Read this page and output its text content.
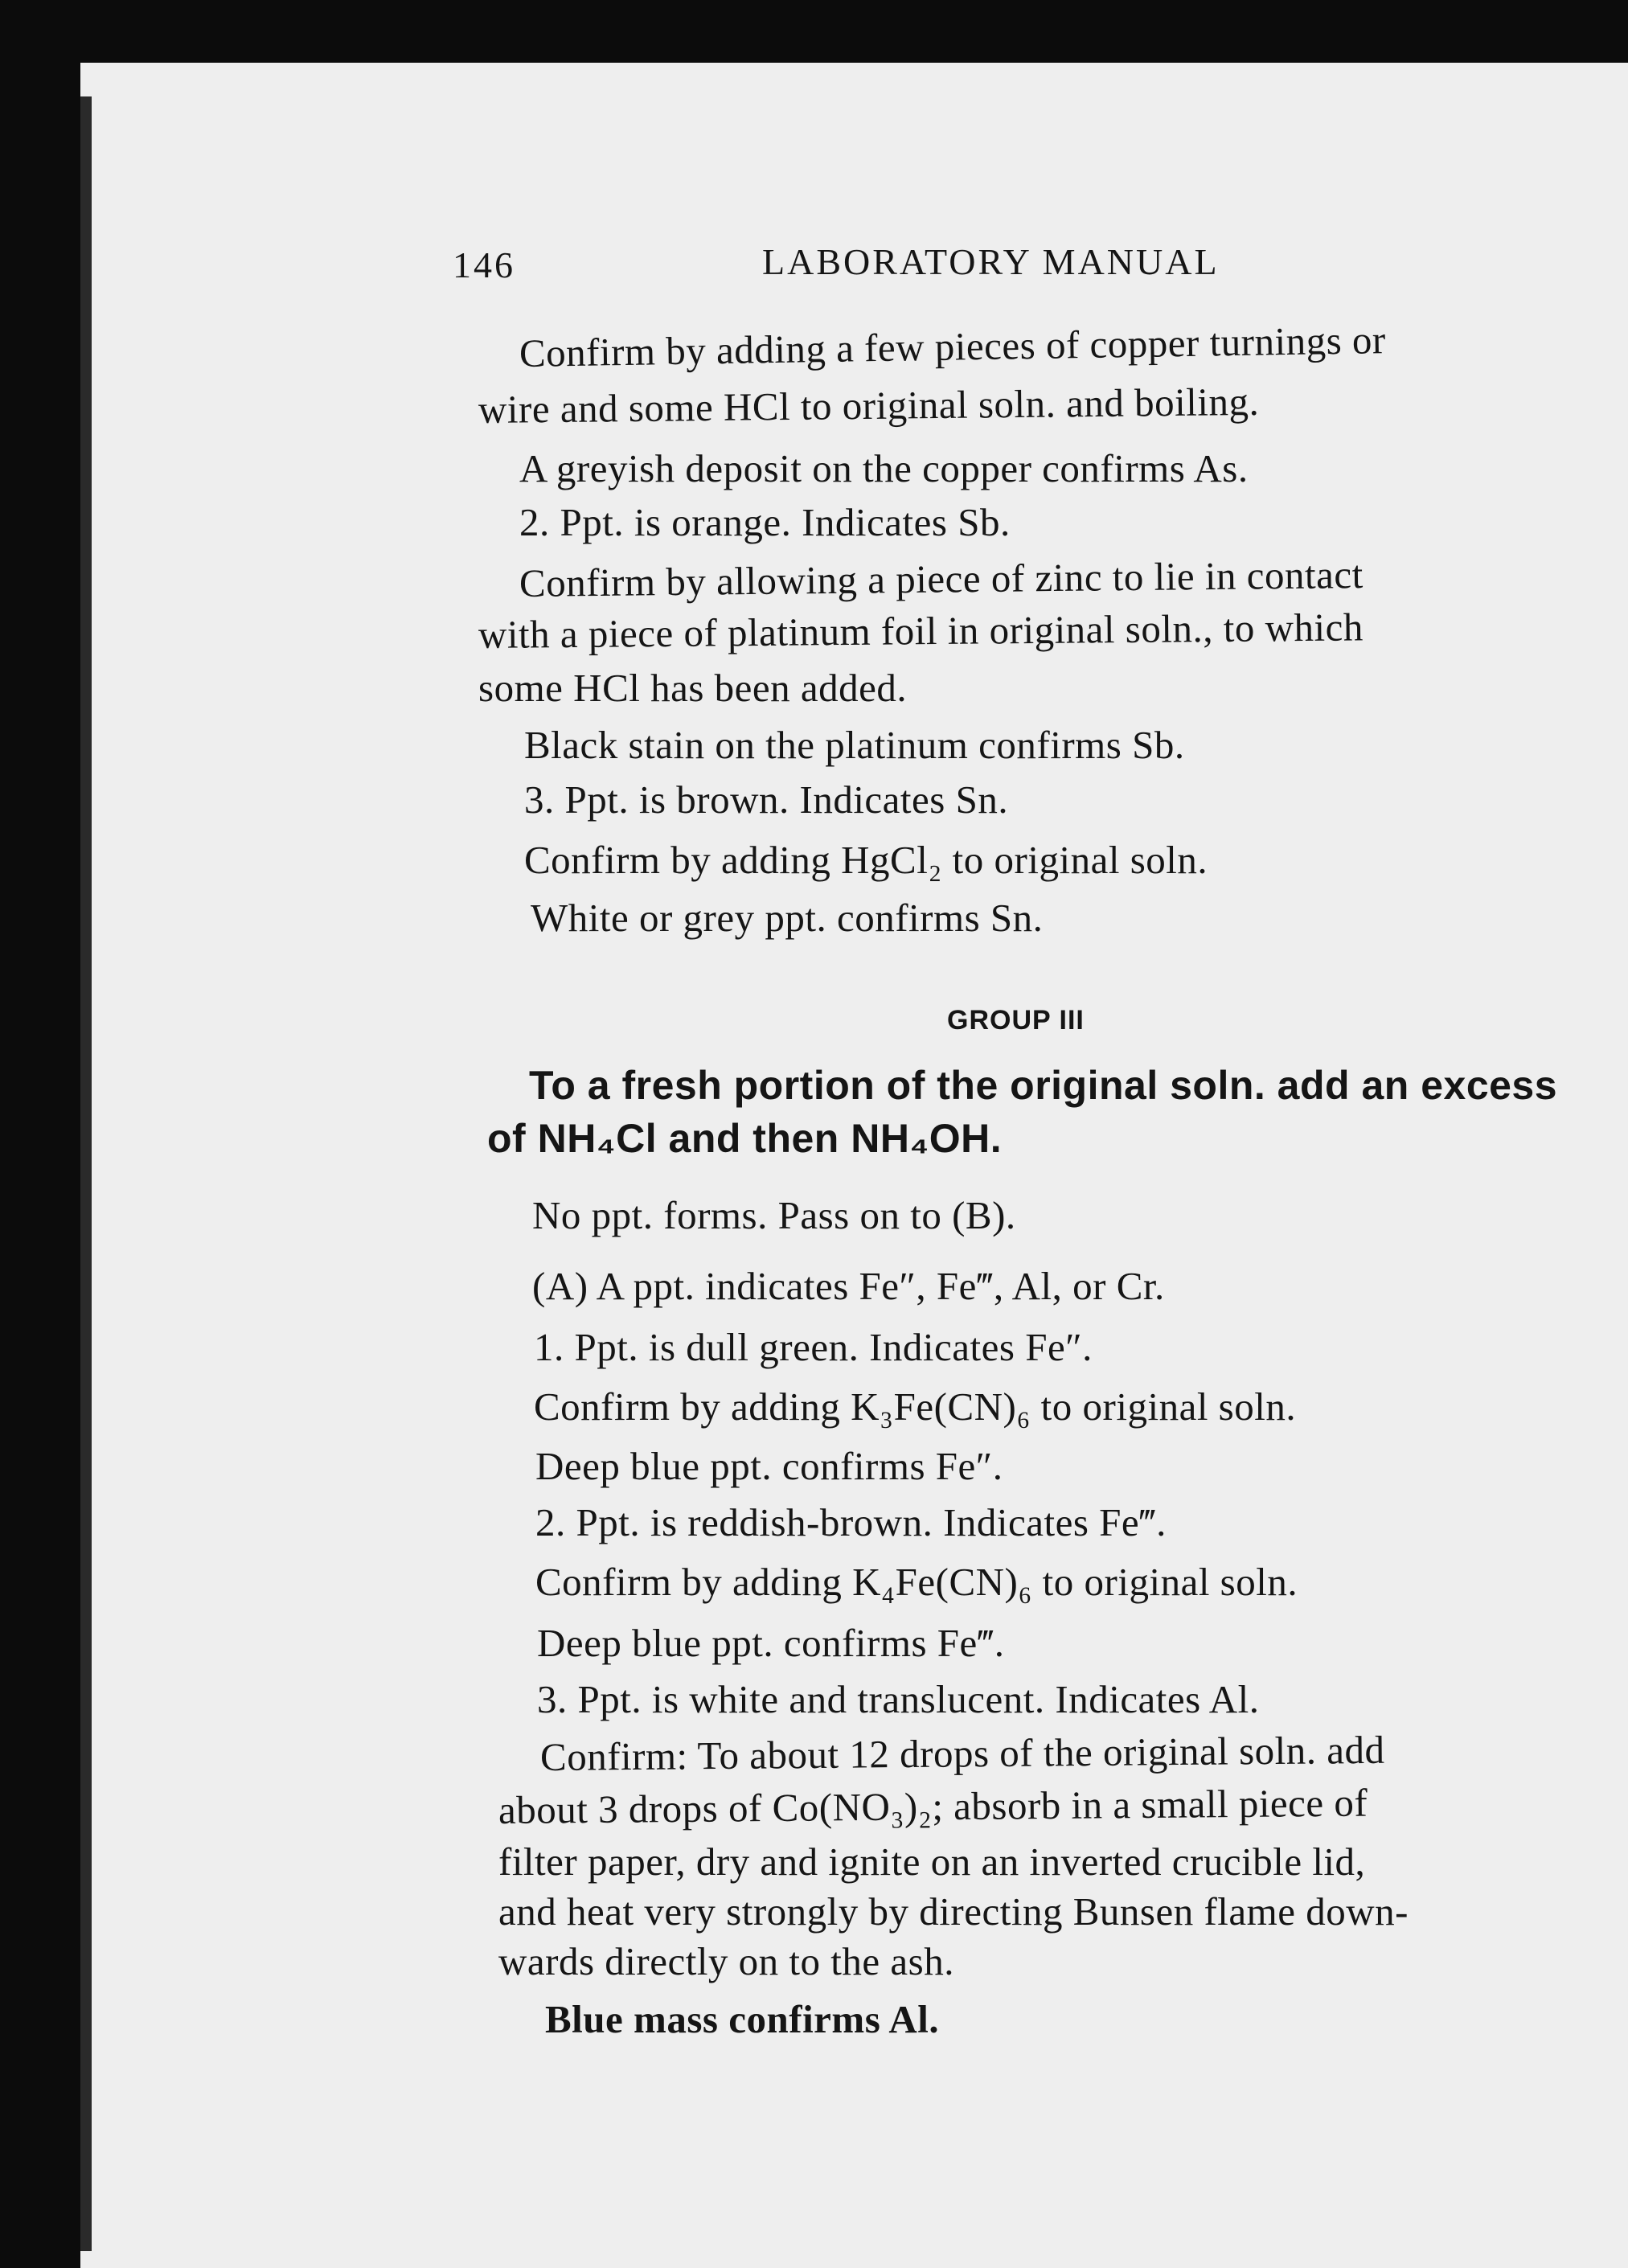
146	LABORATORY MANUAL
Confirm by adding a few pieces of copper turnings or
wire and some HCl to original soln. and boiling.
A greyish deposit on the copper confirms As.
2. Ppt. is orange. Indicates Sb.
Confirm by allowing a piece of zinc to lie in contact
with a piece of platinum foil in original soln., to which
some HCl has been added.
Black stain on the platinum confirms Sb.
3. Ppt. is brown. Indicates Sn.
Confirm by adding HgCl₂ to original soln.
White or grey ppt. confirms Sn.
GROUP III
To a fresh portion of the original soln. add an excess
of NH₄Cl and then NH₄OH.
No ppt. forms. Pass on to (B).
(A) A ppt. indicates Fe″, Fe‴, Al, or Cr.
1. Ppt. is dull green. Indicates Fe″.
Confirm by adding K₃Fe(CN)₆ to original soln.
Deep blue ppt. confirms Fe″.
2. Ppt. is reddish-brown. Indicates Fe‴.
Confirm by adding K₄Fe(CN)₆ to original soln.
Deep blue ppt. confirms Fe‴.
3. Ppt. is white and translucent. Indicates Al.
Confirm: To about 12 drops of the original soln. add
about 3 drops of Co(NO₃)₂; absorb in a small piece of
filter paper, dry and ignite on an inverted crucible lid,
and heat very strongly by directing Bunsen flame down-
wards directly on to the ash.
Blue mass confirms Al.
